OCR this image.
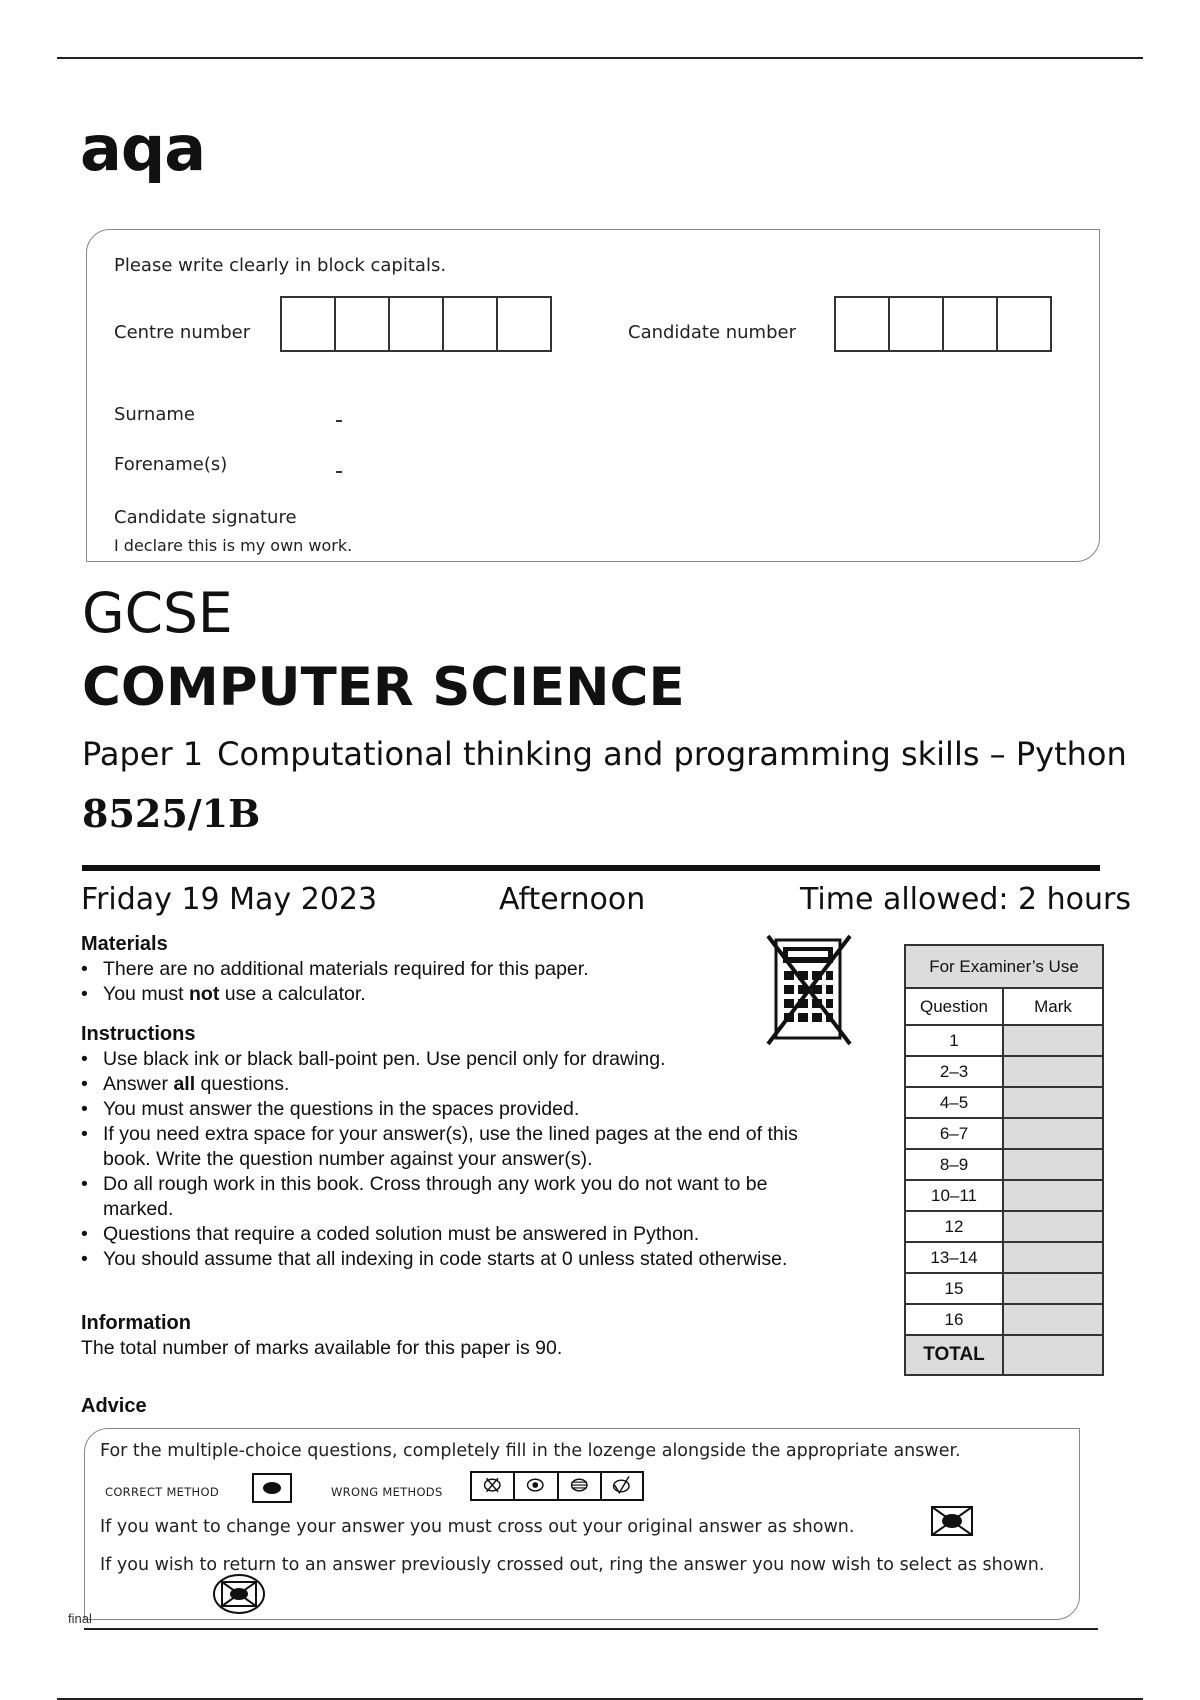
aqa
Please write clearly in block capitals.
Centre number	Candidate number
Surname
Forename(s)
Candidate signature
I declare this is my own work.
GCSE
COMPUTER SCIENCE
Paper 1 Computational thinking and programming skills – Python
8525/1B
Friday 19 May 2023	Afternoon	Time allowed: 2 hours
Materials
• There are no additional materials required for this paper.
• You must not use a calculator.
Instructions
• Use black ink or black ball-point pen. Use pencil only for drawing.
• Answer all questions.
• You must answer the questions in the spaces provided.
• If you need extra space for your answer(s), use the lined pages at the end of this book. Write the question number against your answer(s).
• Do all rough work in this book. Cross through any work you do not want to be marked.
• Questions that require a coded solution must be answered in Python.
• You should assume that all indexing in code starts at 0 unless stated otherwise.
Information
The total number of marks available for this paper is 90.
For Examiner’s Use	
Question	Mark
1	
2–3	
4–5	
6–7	
8–9	
10–11	
12	
13–14	
15	
16	
TOTAL	
Advice
For the multiple-choice questions, completely fill in the lozenge alongside the appropriate answer.
CORRECT METHOD	WRONG METHODS
If you want to change your answer you must cross out your original answer as shown.
If you wish to return to an answer previously crossed out, ring the answer you now wish to select as shown.
final
